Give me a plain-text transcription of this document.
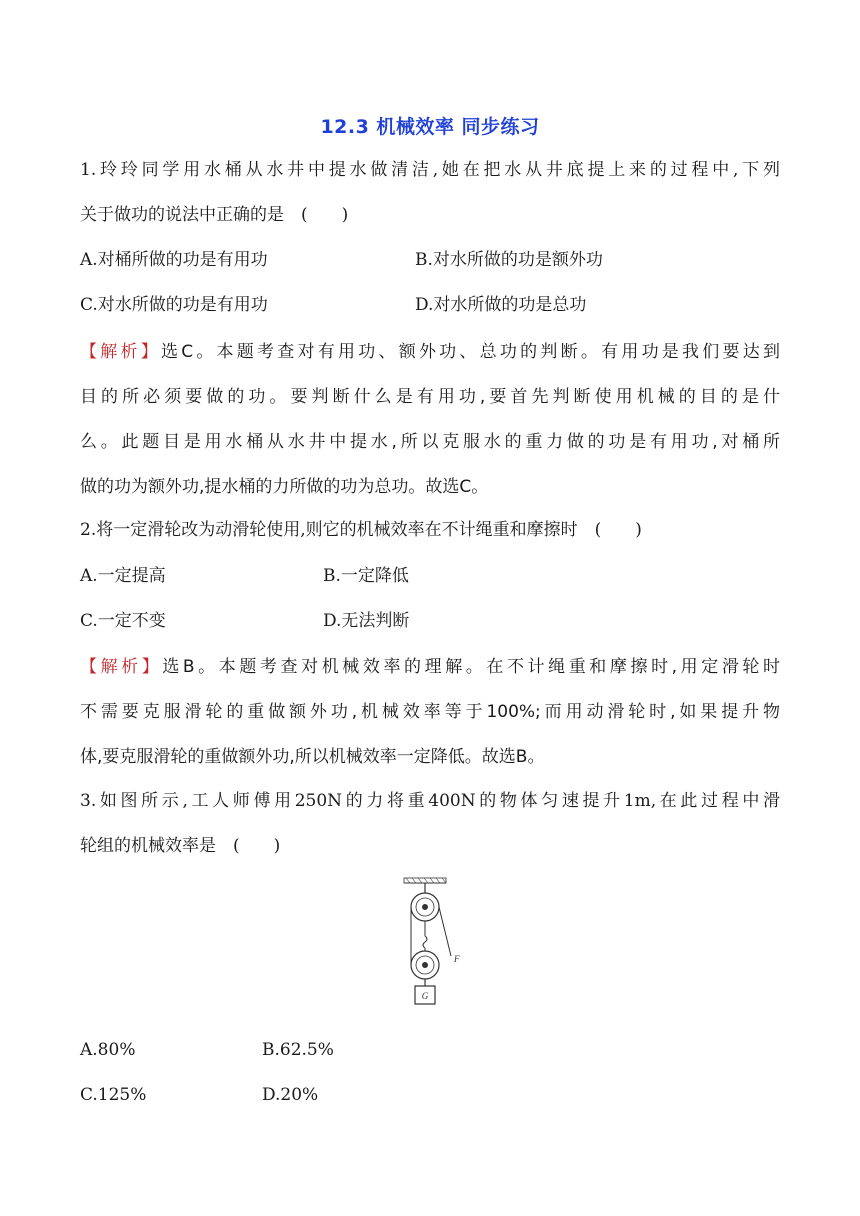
12.3 机械效率 同步练习
1.玲玲同学用水桶从水井中提水做清洁,她在把水从井底提上来的过程中,下列
关于做功的说法中正确的是　(　　)
A.对桶所做的功是有用功	B.对水所做的功是额外功
C.对水所做的功是有用功	D.对水所做的功是总功
【解析】选C。本题考查对有用功、额外功、总功的判断。有用功是我们要达到
目的所必须要做的功。要判断什么是有用功,要首先判断使用机械的目的是什
么。此题目是用水桶从水井中提水,所以克服水的重力做的功是有用功,对桶所
做的功为额外功,提水桶的力所做的功为总功。故选C。
2.将一定滑轮改为动滑轮使用,则它的机械效率在不计绳重和摩擦时　(　　)
A.一定提高	B.一定降低
C.一定不变	D.无法判断
【解析】选B。本题考查对机械效率的理解。在不计绳重和摩擦时,用定滑轮时
不需要克服滑轮的重做额外功,机械效率等于100%;而用动滑轮时,如果提升物
体,要克服滑轮的重做额外功,所以机械效率一定降低。故选B。
3.如图所示,工人师傅用250N的力将重400N的物体匀速提升1m,在此过程中滑
轮组的机械效率是　(　　)
G
F
A.80%	B.62.5%
C.125%	D.20%
